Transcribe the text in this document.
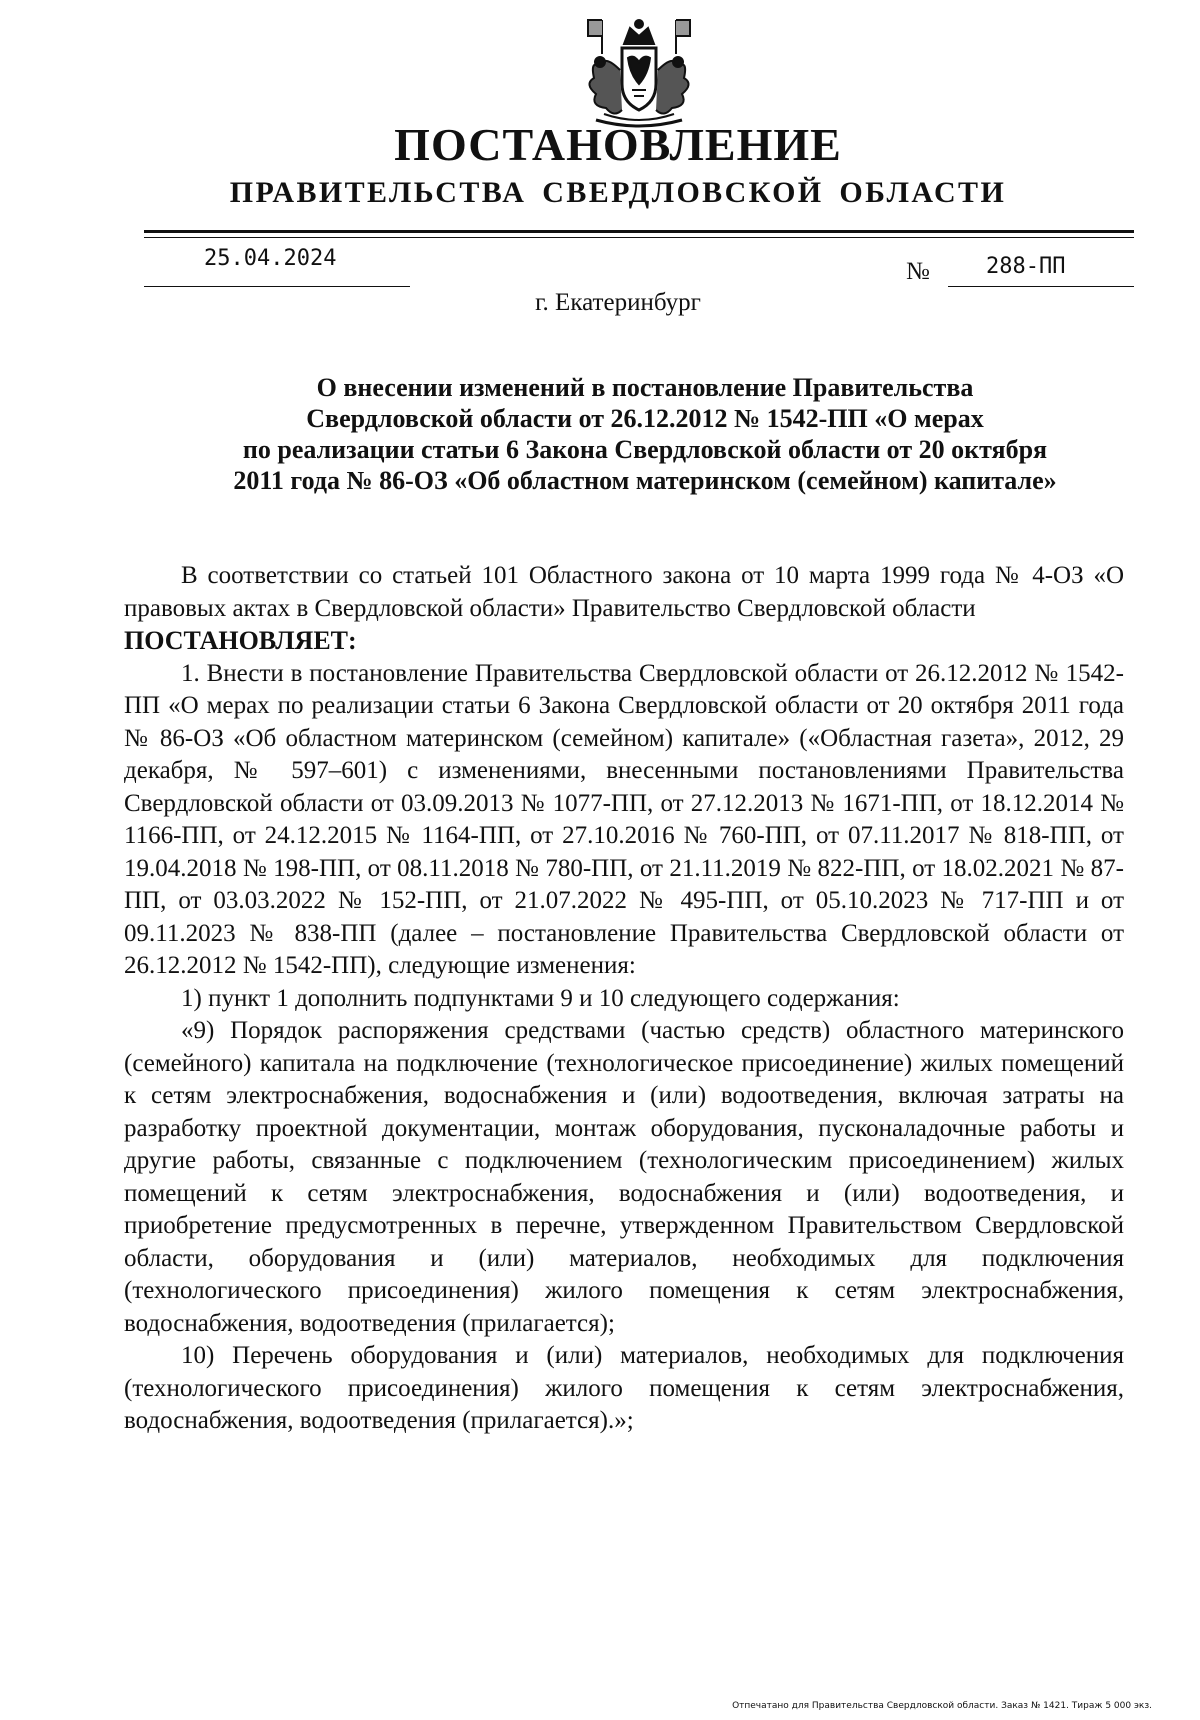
ПОСТАНОВЛЕНИЕ
ПРАВИТЕЛЬСТВА СВЕРДЛОВСКОЙ ОБЛАСТИ
25.04.2024	№	288-ПП
г. Екатеринбург
О внесении изменений в постановление Правительства
Свердловской области от 26.12.2012 № 1542-ПП «О мерах
по реализации статьи 6 Закона Свердловской области от 20 октября
2011 года № 86-ОЗ «Об областном материнском (семейном) капитале»

В соответствии со статьей 101 Областного закона от 10 марта 1999 года № 4-ОЗ «О правовых актах в Свердловской области» Правительство Свердловской области

ПОСТАНОВЛЯЕТ:

1. Внести в постановление Правительства Свердловской области от 26.12.2012 № 1542-ПП «О мерах по реализации статьи 6 Закона Свердловской области от 20 октября 2011 года № 86-ОЗ «Об областном материнском (семейном) капитале» («Областная газета», 2012, 29 декабря, № 597–601) с изменениями, внесенными постановлениями Правительства Свердловской области от 03.09.2013 № 1077-ПП, от 27.12.2013 № 1671-ПП, от 18.12.2014 № 1166-ПП, от 24.12.2015 № 1164-ПП, от 27.10.2016 № 760-ПП, от 07.11.2017 № 818-ПП, от 19.04.2018 № 198-ПП, от 08.11.2018 № 780-ПП, от 21.11.2019 № 822-ПП, от 18.02.2021 № 87-ПП, от 03.03.2022 № 152-ПП, от 21.07.2022 № 495-ПП, от 05.10.2023 № 717-ПП и от 09.11.2023 № 838-ПП (далее – постановление Правительства Свердловской области от 26.12.2012 № 1542-ПП), следующие изменения:

1) пункт 1 дополнить подпунктами 9 и 10 следующего содержания:

«9) Порядок распоряжения средствами (частью средств) областного материнского (семейного) капитала на подключение (технологическое присоединение) жилых помещений к сетям электроснабжения, водоснабжения и (или) водоотведения, включая затраты на разработку проектной документации, монтаж оборудования, пусконаладочные работы и другие работы, связанные с подключением (технологическим присоединением) жилых помещений к сетям электроснабжения, водоснабжения и (или) водоотведения, и приобретение предусмотренных в перечне, утвержденном Правительством Свердловской области, оборудования и (или) материалов, необходимых для подключения (технологического присоединения) жилого помещения к сетям электроснабжения, водоснабжения, водоотведения (прилагается);

10) Перечень оборудования и (или) материалов, необходимых для подключения (технологического присоединения) жилого помещения к сетям электроснабжения, водоснабжения, водоотведения (прилагается).»;

Отпечатано для Правительства Свердловской области. Заказ № 1421. Тираж 5 000 экз.
